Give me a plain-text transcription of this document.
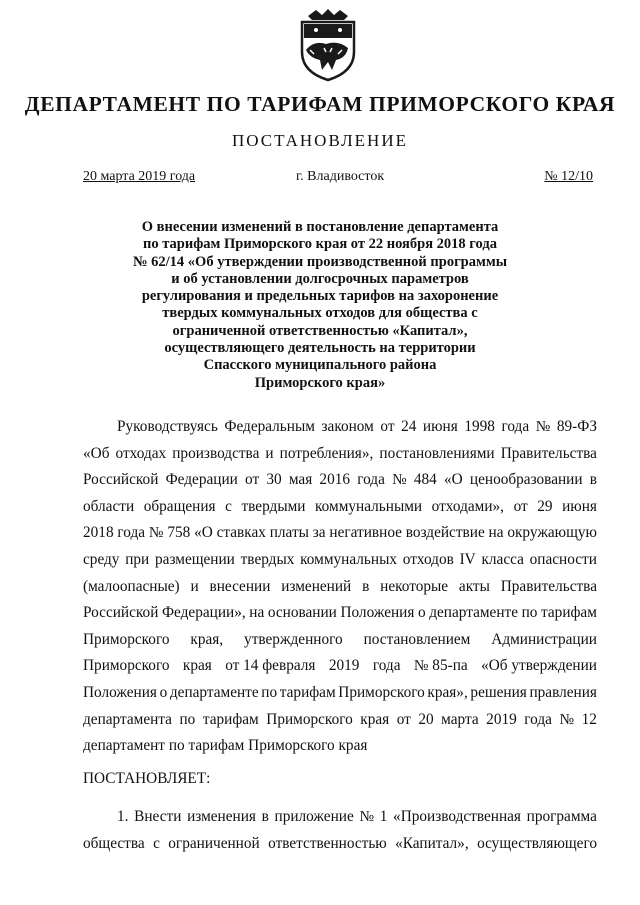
ДЕПАРТАМЕНТ ПО ТАРИФАМ ПРИМОРСКОГО КРАЯ
ПОСТАНОВЛЕНИЕ
20 марта 2019 года	г. Владивосток	№ 12/10
О внесении изменений в постановление департамента
по тарифам Приморского края от 22 ноября 2018 года
№ 62/14 «Об утверждении производственной программы
и об установлении долгосрочных параметров
регулирования и предельных тарифов на захоронение
твердых коммунальных отходов для общества с
ограниченной ответственностью «Капитал»,
осуществляющего деятельность на территории
Спасского муниципального района
Приморского края»
Руководствуясь Федеральным законом от 24 июня 1998 года № 89-ФЗ
«Об отходах производства и потребления», постановлениями Правительства
Российской Федерации от 30 мая 2016 года № 484 «О ценообразовании в
области обращения с твердыми коммунальными отходами», от 29 июня
2018 года № 758 «О ставках платы за негативное воздействие на окружающую
среду при размещении твердых коммунальных отходов IV класса опасности
(малоопасные) и внесении изменений в некоторые акты Правительства
Российской Федерации», на основании Положения о департаменте по тарифам
Приморского края, утвержденного постановлением Администрации
Приморского края от 14 февраля 2019 года № 85-па «Об утверждении
Положения о департаменте по тарифам Приморского края», решения правления
департамента по тарифам Приморского края от 20 марта 2019 года № 12
департамент по тарифам Приморского края
ПОСТАНОВЛЯЕТ:
1. Внести изменения в приложение № 1 «Производственная программа
общества с ограниченной ответственностью «Капитал», осуществляющего
